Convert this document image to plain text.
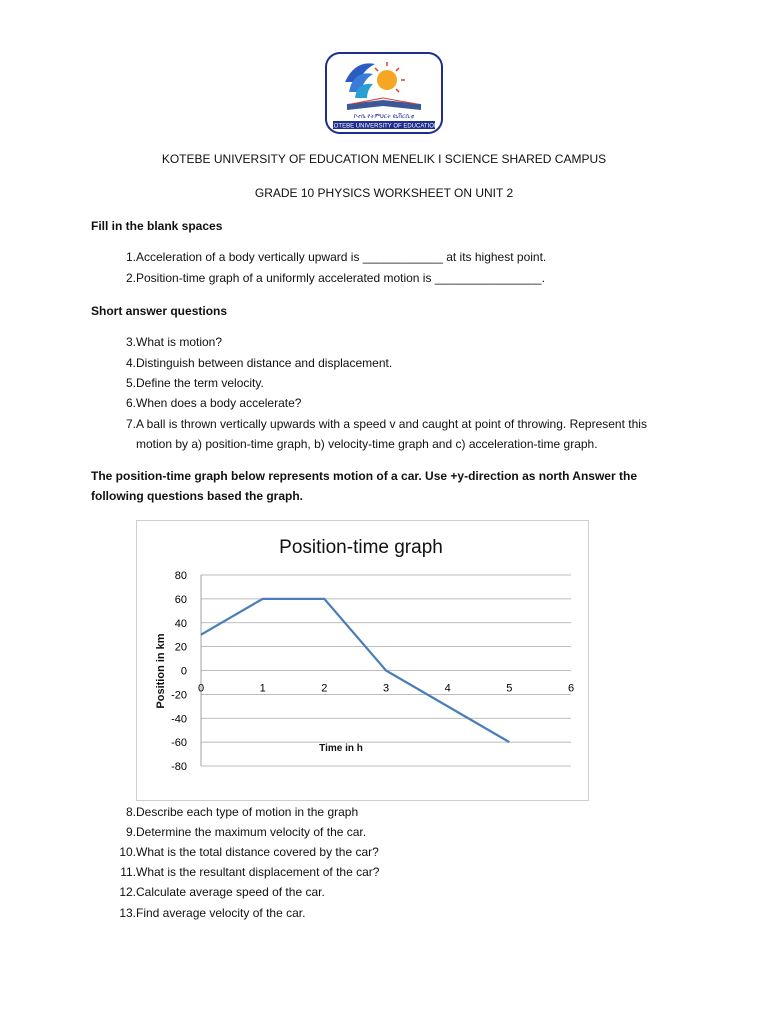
ኮተቤ የትምህርት ዩኒቨርሲቲ
KOTEBE UNIVERSITY OF EDUCATION
KOTEBE UNIVERSITY OF EDUCATION MENELIK I SCIENCE SHARED CAMPUS
GRADE 10 PHYSICS WORKSHEET ON UNIT 2
Fill in the blank spaces
1. Acceleration of a body vertically upward is ____________ at its highest point.
2. Position-time graph of a uniformly accelerated motion is ________________.
Short answer questions
3. What is motion?
4. Distinguish between distance and displacement.
5. Define the term velocity.
6. When does a body accelerate?
7. A ball is thrown vertically upwards with a speed v and caught at point of throwing. Represent this motion by a) position-time graph, b) velocity-time graph and c) acceleration-time graph.
The position-time graph below represents motion of a car. Use +y-direction as north Answer the following questions based the graph.
Position-time graph
80
60
40
20
0
-20
-40
-60
-80
0	1	2	3	4	5	6
Position in km
Time in h
8. Describe each type of motion in the graph
9. Determine the maximum velocity of the car.
10. What is the total distance covered by the car?
11. What is the resultant displacement of the car?
12. Calculate average speed of the car.
13. Find average velocity of the car.
